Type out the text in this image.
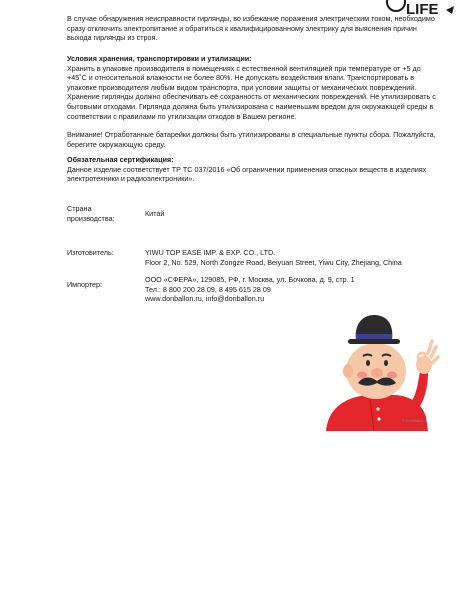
LIFE

В случае обнаружения неисправности гирлянды, во избежание поражения электрическим током, необходимо сразу отключить электропитание и обратиться к квалифицированному электрику для выяснения причин выхода гирлянды из строя.

Условия хранения, транспортировки и утилизации:

Хранить в упаковке производителя в помещениях с естественной вентиляцией при температуре от +5 до +45˚C и относительной влажности не более 80%. Не допускать воздействия влаги. Транспортировать в упаковке производителя любым видом транспорта, при условии защиты от механических повреждений. Хранение гирлянды должно обеспечивать её сохранность от механических повреждений. Не утилизировать с бытовыми отходами. Гирлянда должна быть утилизирована с наименьшим вредом для окружающей среды в соответствии с правилами по утилизации отходов в Вашем регионе.

Внимание! Отработанные батарейки должны быть утилизированы в специальные пункты сбора. Пожалуйста, берегите окружающую среду.

Обязательная сертификация:

Данное изделие соответствует ТР ТС 037/2016 «Об ограничении применения опасных веществ в изделиях электротехники и радиоэлектроники».

Страна производства:
Китай
Изготовитель:	YIWU TOP EASE IMP. & EXP. CO., LTD.
Floor 2, No. 529, North Zongze Road, Beiyuan Street, Yiwu City, Zhejiang, China
Импортер:
ООО «СФЕРА», 129085, РФ, г. Москва, ул. Бочкова, д. 9, стр. 1
Тел.: 8 800 200 28 09, 8 495 615 28 09
www.donballon.ru, info@donballon.ru
© DonBallon
